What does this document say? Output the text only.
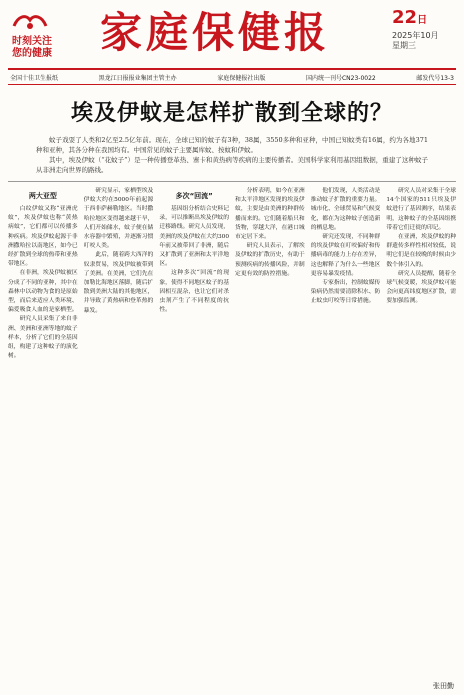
时刻关注
您的健康 家庭保健报	22日
2025年10月
星期三
全国十佳卫生报纸	黑龙江日报报业集团主管主办	家庭保健报社出版	国内统一刊号CN23-0022	邮发代号13-3
埃及伊蚊是怎样扩散到全球的？
蚊子戏耍了人类和2亿至2.5亿年前。现在，全球已知的蚊子有3种，38属，3550多种和亚种，中国已知蚊类有16属，约为各地371种和亚种，其各分种在我国均有。中国常见的蚊子主要属库蚊、按蚊和伊蚊。
其中，埃及伊蚊（“花蚊子”）是一种传播登革热、寨卡和黄热病等疾病的主要传播者。美国科学家利用基因组数据，重建了这种蚊子从非洲走向世界的路线。
两大亚型

白纹伊蚊又称“亚洲虎蚊”，埃及伊蚊也称“黄热病蚊”，它们都可以传播多种疾病。埃及伊蚊起源于非洲撒哈拉以南地区，如今已经扩散到全球的热带和亚热带地区。

在非洲，埃及伊蚊被区分成了不同的亚种，其中在森林中以动物为食的是原始型，而后来适应人类环境、偏爱吸食人血的是家栖型。

研究人员采集了来自非洲、美洲和亚洲等地的蚊子样本，分析了它们的全基因组，构建了这种蚊子的演化树。

研究显示，家栖型埃及伊蚊大约在5000年前起源于西非萨赫勒地区。当时撒哈拉地区变得越来越干旱，人们开始储水，蚊子便在储水容器中繁殖，并逐渐习惯叮咬人类。

此后，随着跨大西洋的奴隶贸易，埃及伊蚊被带到了美洲。在美洲，它们先在加勒比海地区落脚，随后扩散到美洲大陆的其他地区，并导致了黄热病和登革热的暴发。

多次“回流”

基因组分析结合史料记录，可以推断出埃及伊蚊的迁移路线。研究人员发现，美洲的埃及伊蚊在大约300年前又被带回了非洲，随后又扩散到了亚洲和太平洋地区。

这种多次“回流”的现象，使得不同地区蚊子的基因相互混杂，也让它们对杀虫剂产生了不同程度的抗性。

分析表明，如今在亚洲和太平洋地区发现的埃及伊蚊，主要是由美洲的种群传播而来的。它们随着船只和货物，穿越大洋，在港口城市定居下来。

研究人员表示，了解埃及伊蚊的扩散历史，有助于预测疾病的传播风险，并制定更有效的防控措施。

他们发现，人类活动是推动蚊子扩散的重要力量。城市化、全球贸易和气候变化，都在为这种蚊子创造新的栖息地。

研究还发现，不同种群的埃及伊蚊在叮咬偏好和传播病毒的能力上存在差异，这也解释了为什么一些地区更容易暴发疫情。

专家指出，控制蚊媒传染病仍然需要清除积水、防止蚊虫叮咬等日常措施。

研究人员对采集于全球14个国家的511只埃及伊蚊进行了基因测序，结果表明，这种蚊子的全基因组携带着它们迁徙的印记。

在亚洲，埃及伊蚊的种群遗传多样性相对较低，说明它们是在较晚的时候由少数个体引入的。

研究人员提醒，随着全球气候变暖，埃及伊蚊可能会向更高纬度地区扩散，需要加强监测。

张田勤
